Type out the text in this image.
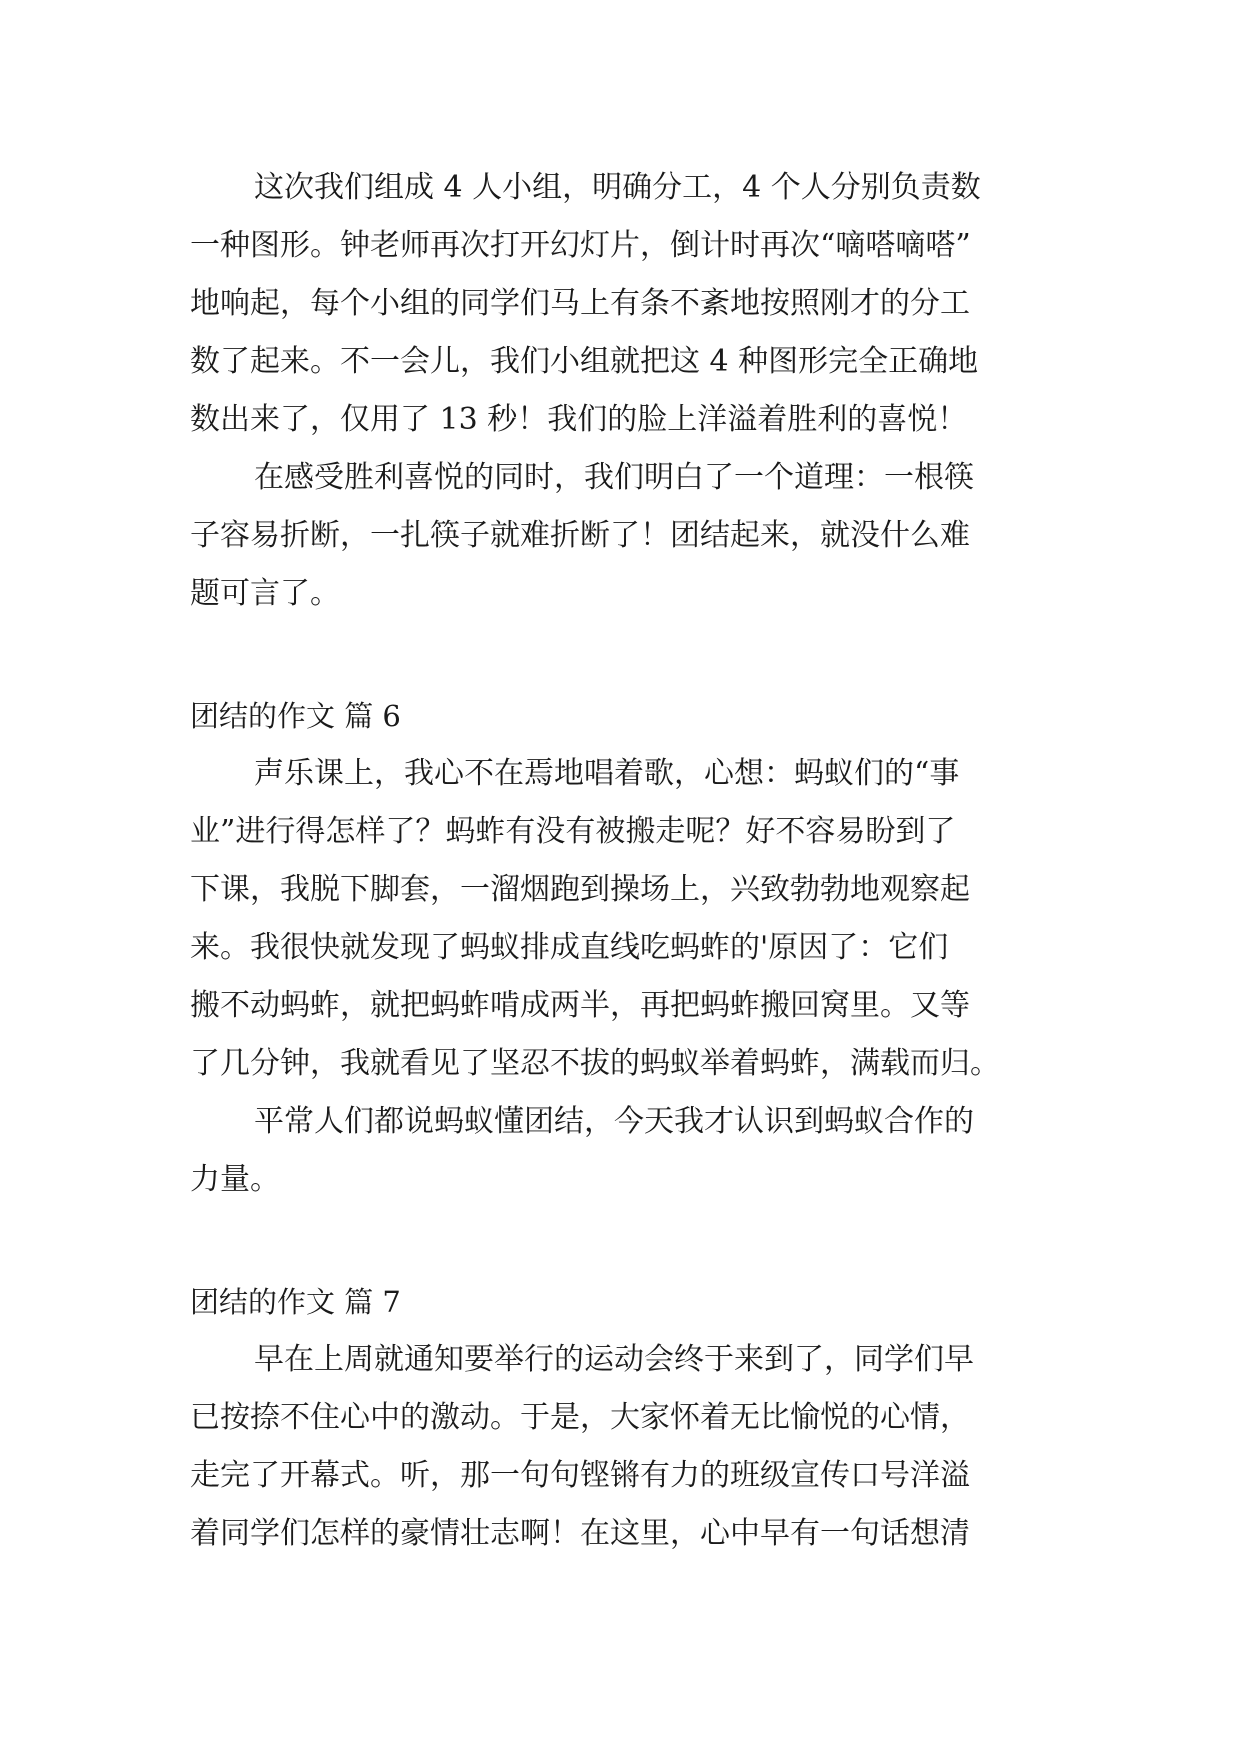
这次我们组成 4 人小组，明确分工，4 个人分别负责数
一种图形。钟老师再次打开幻灯片，倒计时再次“嘀嗒嘀嗒”
地响起，每个小组的同学们马上有条不紊地按照刚才的分工
数了起来。不一会儿，我们小组就把这 4 种图形完全正确地
数出来了，仅用了 13 秒！我们的脸上洋溢着胜利的喜悦！
在感受胜利喜悦的同时，我们明白了一个道理：一根筷
子容易折断，一扎筷子就难折断了！团结起来，就没什么难
题可言了。
团结的作文 篇 6
声乐课上，我心不在焉地唱着歌，心想：蚂蚁们的“事
业”进行得怎样了？蚂蚱有没有被搬走呢？好不容易盼到了
下课，我脱下脚套，一溜烟跑到操场上，兴致勃勃地观察起
来。我很快就发现了蚂蚁排成直线吃蚂蚱的'原因了：它们
搬不动蚂蚱，就把蚂蚱啃成两半，再把蚂蚱搬回窝里。又等
了几分钟，我就看见了坚忍不拔的蚂蚁举着蚂蚱，满载而归。
平常人们都说蚂蚁懂团结，今天我才认识到蚂蚁合作的
力量。
团结的作文 篇 7
早在上周就通知要举行的运动会终于来到了，同学们早
已按捺不住心中的激动。于是，大家怀着无比愉悦的心情，
走完了开幕式。听，那一句句铿锵有力的班级宣传口号洋溢
着同学们怎样的豪情壮志啊！在这里，心中早有一句话想清
